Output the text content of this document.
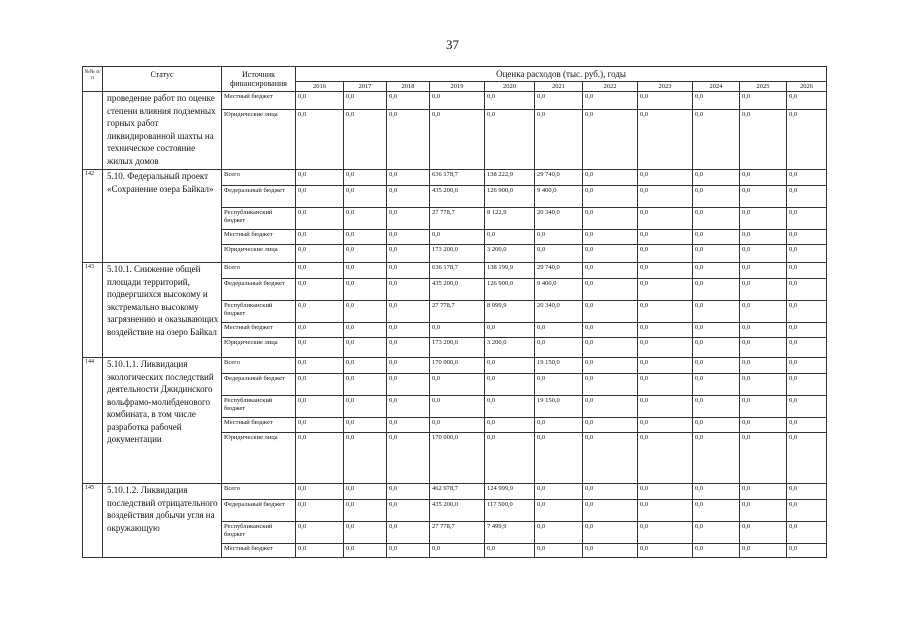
37
№№ п/п	Статус	Источник финансирования	Оценка расходов (тыс. руб.), годы										
			2016	2017	2018	2019	2020	2021	2022	2023	2024	2025	2026
	проведение работ по оценке степени влияния подземных горных работ ликвидированной шахты на техническое состояние жилых домов	Местный бюджет	0,0	0,0	0,0	0,0	0,0	0,0	0,0	0,0	0,0	0,0	0,0
		Юридические лица	0,0	0,0	0,0	0,0	0,0	0,0	0,0	0,0	0,0	0,0	0,0
142	5.10. Федеральный проект «Сохранение озера Байкал»	Всего	0,0	0,0	0,0	636 178,7	138 222,9	29 740,0	0,0	0,0	0,0	0,0	0,0
		Федеральный бюджет	0,0	0,0	0,0	435 200,0	126 900,0	9 400,0	0,0	0,0	0,0	0,0	0,0
		Республиканский бюджет	0,0	0,0	0,0	27 778,7	8 122,9	20 340,0	0,0	0,0	0,0	0,0	0,0
		Местный бюджет	0,0	0,0	0,0	0,0	0,0	0,0	0,0	0,0	0,0	0,0	0,0
		Юридические лица	0,0	0,0	0,0	173 200,0	3 200,0	0,0	0,0	0,0	0,0	0,0	0,0
143	5.10.1. Снижение общей площади территорий, подвергшихся высокому и экстремально высокому загрязнению и оказывающих воздействие на озеро Байкал	Всего	0,0	0,0	0,0	636 178,7	138 199,9	29 740,0	0,0	0,0	0,0	0,0	0,0
		Федеральный бюджет	0,0	0,0	0,0	435 200,0	126 900,0	9 400,0	0,0	0,0	0,0	0,0	0,0
		Республиканский бюджет	0,0	0,0	0,0	27 778,7	8 099,9	20 340,0	0,0	0,0	0,0	0,0	0,0
		Местный бюджет	0,0	0,0	0,0	0,0	0,0	0,0	0,0	0,0	0,0	0,0	0,0
		Юридические лица	0,0	0,0	0,0	173 200,0	3 200,0	0,0	0,0	0,0	0,0	0,0	0,0
144	5.10.1.1. Ликвидация экологических последствий деятельности Джидинского вольфрамо-молибденового комбината, в том числе разработка рабочей документации	Всего	0,0	0,0	0,0	170 000,0	0,0	19 150,0	0,0	0,0	0,0	0,0	0,0
		Федеральный бюджет	0,0	0,0	0,0	0,0	0,0	0,0	0,0	0,0	0,0	0,0	0,0
		Республиканский бюджет	0,0	0,0	0,0	0,0	0,0	19 150,0	0,0	0,0	0,0	0,0	0,0
		Местный бюджет	0,0	0,0	0,0	0,0	0,0	0,0	0,0	0,0	0,0	0,0	0,0
		Юридические лица	0,0	0,0	0,0	170 000,0	0,0	0,0	0,0	0,0	0,0	0,0	0,0
145	5.10.1.2. Ликвидация последствий отрицательного воздействия добычи угля на окружающую	Всего	0,0	0,0	0,0	462 978,7	124 999,9	0,0	0,0	0,0	0,0	0,0	0,0
		Федеральный бюджет	0,0	0,0	0,0	435 200,0	117 500,0	0,0	0,0	0,0	0,0	0,0	0,0
		Республиканский бюджет	0,0	0,0	0,0	27 778,7	7 499,9	0,0	0,0	0,0	0,0	0,0	0,0
		Местный бюджет	0,0	0,0	0,0	0,0	0,0	0,0	0,0	0,0	0,0	0,0	0,0
